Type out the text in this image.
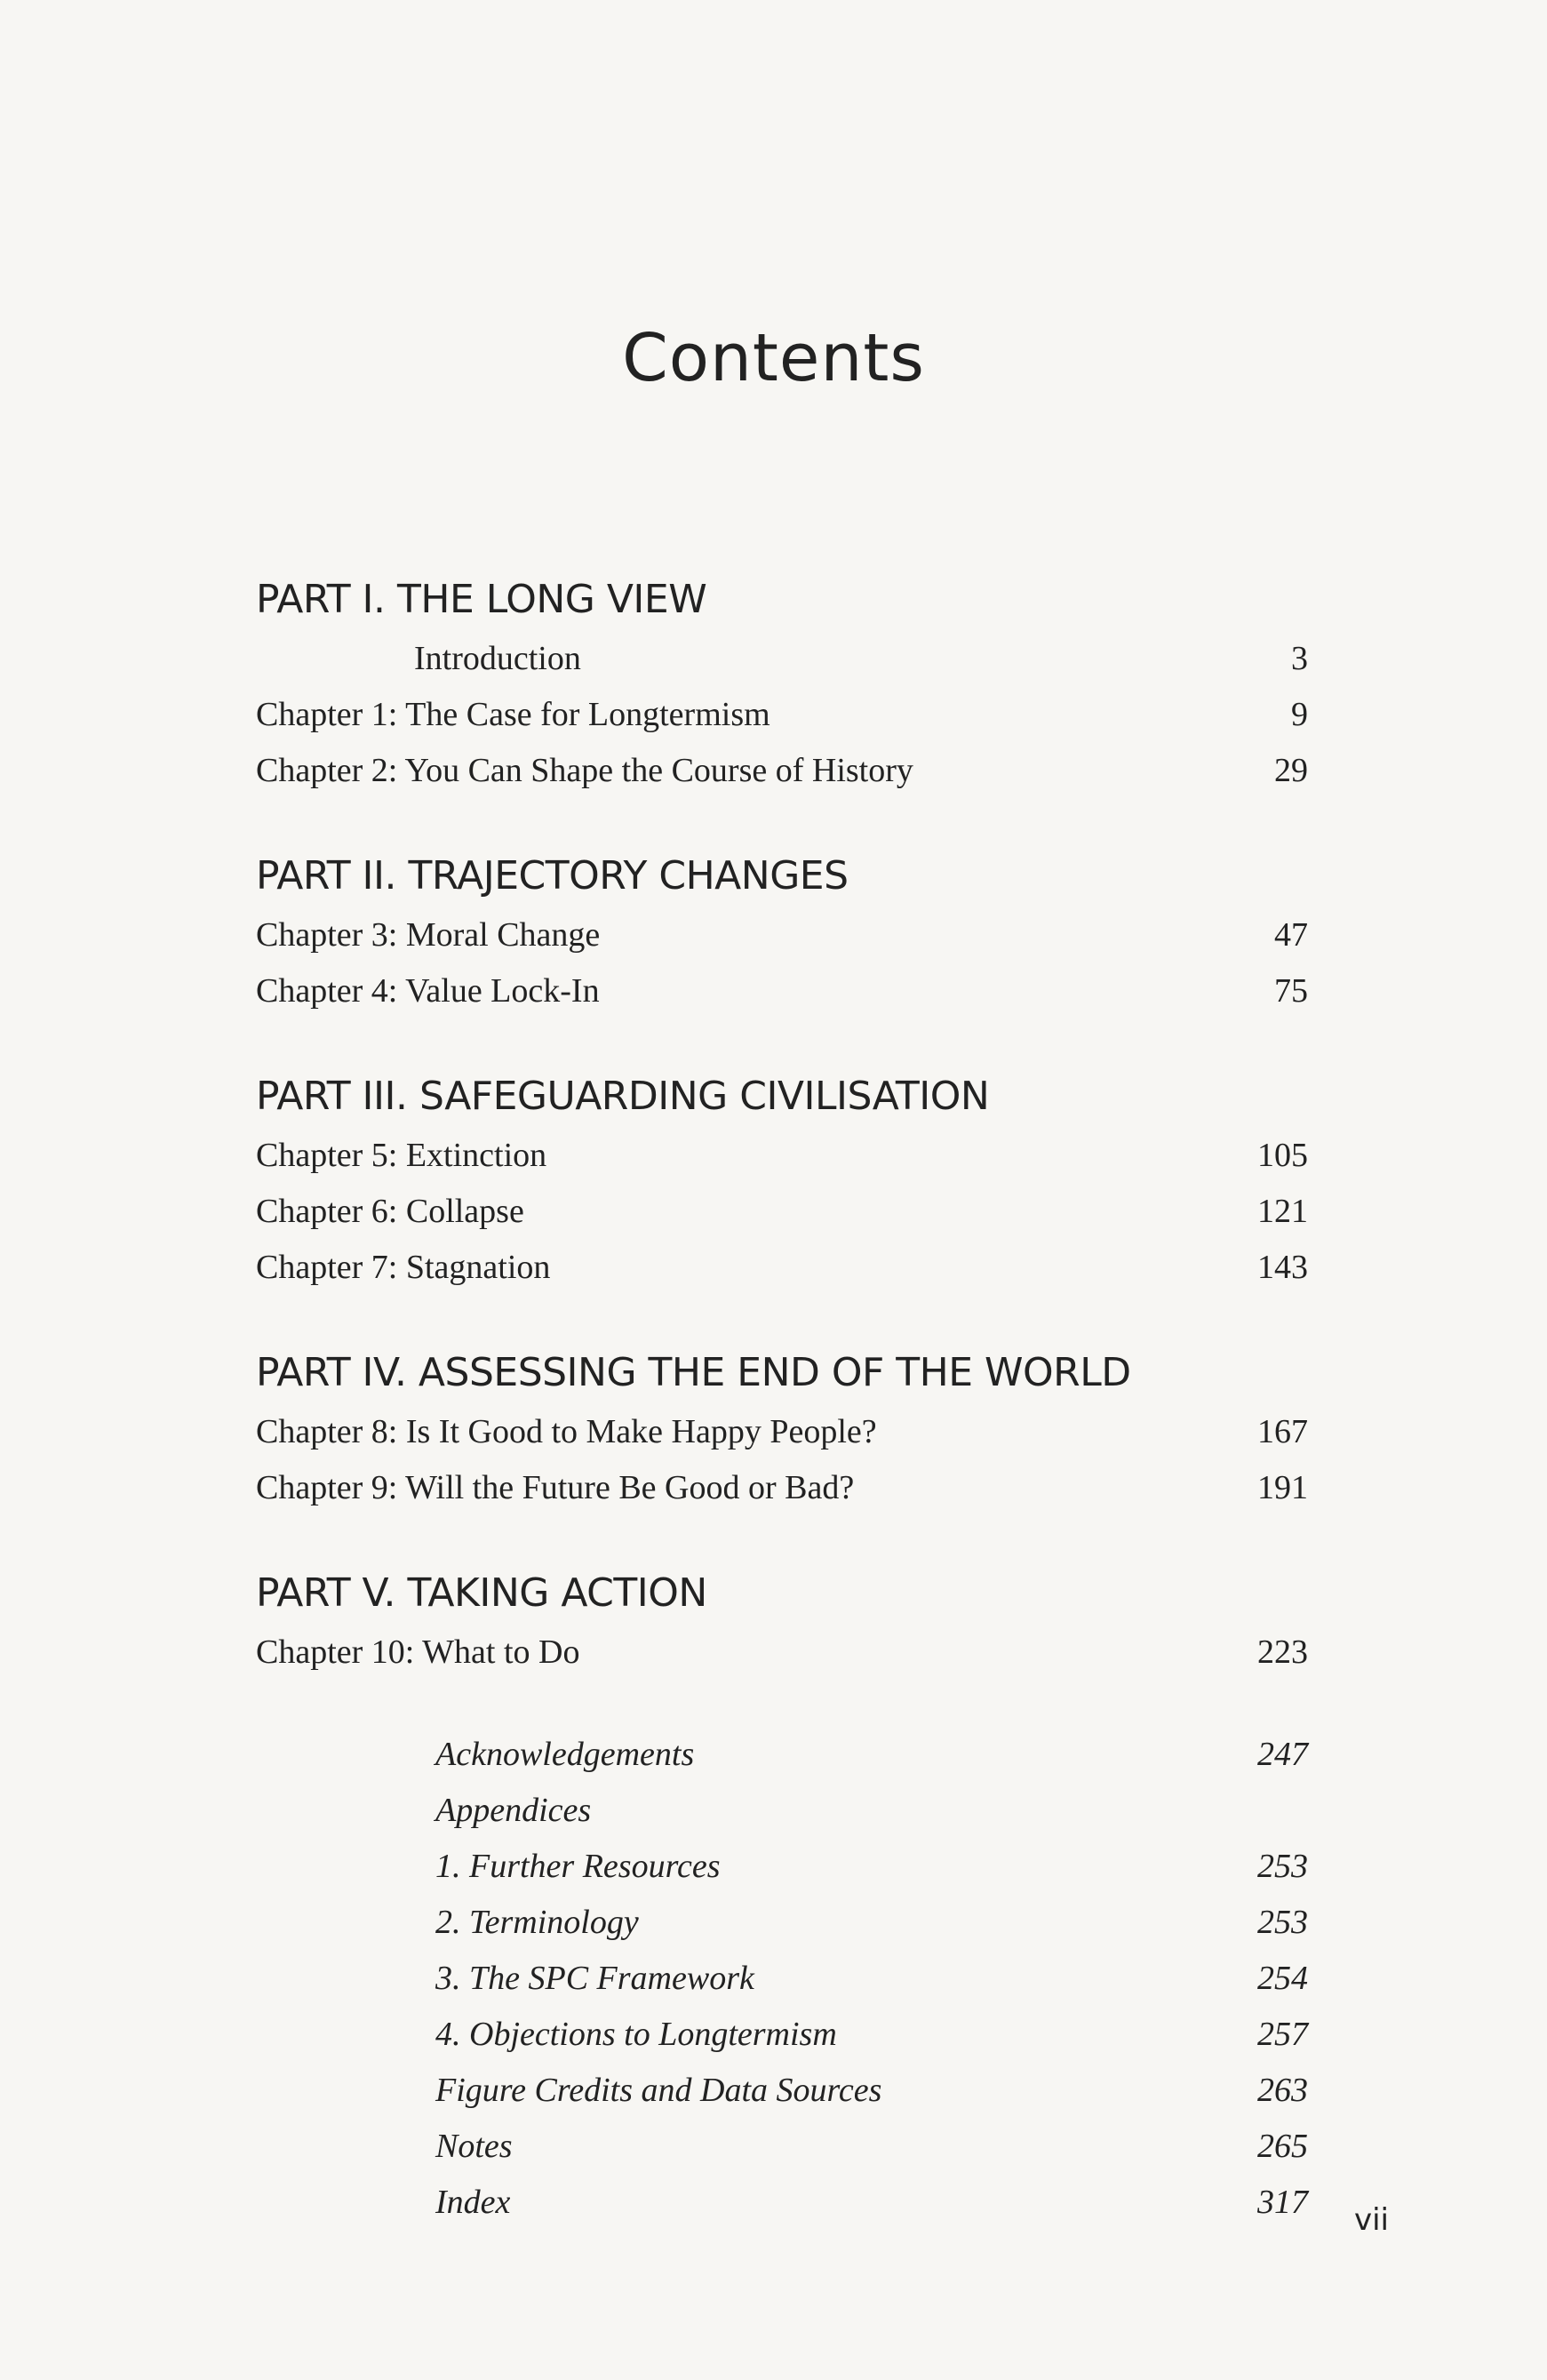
Contents
PART I. THE LONG VIEW
Introduction	3
Chapter 1: The Case for Longtermism	9
Chapter 2: You Can Shape the Course of History	29
PART II. TRAJECTORY CHANGES
Chapter 3: Moral Change	47
Chapter 4: Value Lock-In	75
PART III. SAFEGUARDING CIVILISATION
Chapter 5: Extinction	105
Chapter 6: Collapse	121
Chapter 7: Stagnation	143
PART IV. ASSESSING THE END OF THE WORLD
Chapter 8: Is It Good to Make Happy People?	167
Chapter 9: Will the Future Be Good or Bad?	191
PART V. TAKING ACTION
Chapter 10: What to Do	223
Acknowledgements	247
Appendices
1. Further Resources	253
2. Terminology	253
3. The SPC Framework	254
4. Objections to Longtermism	257
Figure Credits and Data Sources	263
Notes	265
Index	317 vii
